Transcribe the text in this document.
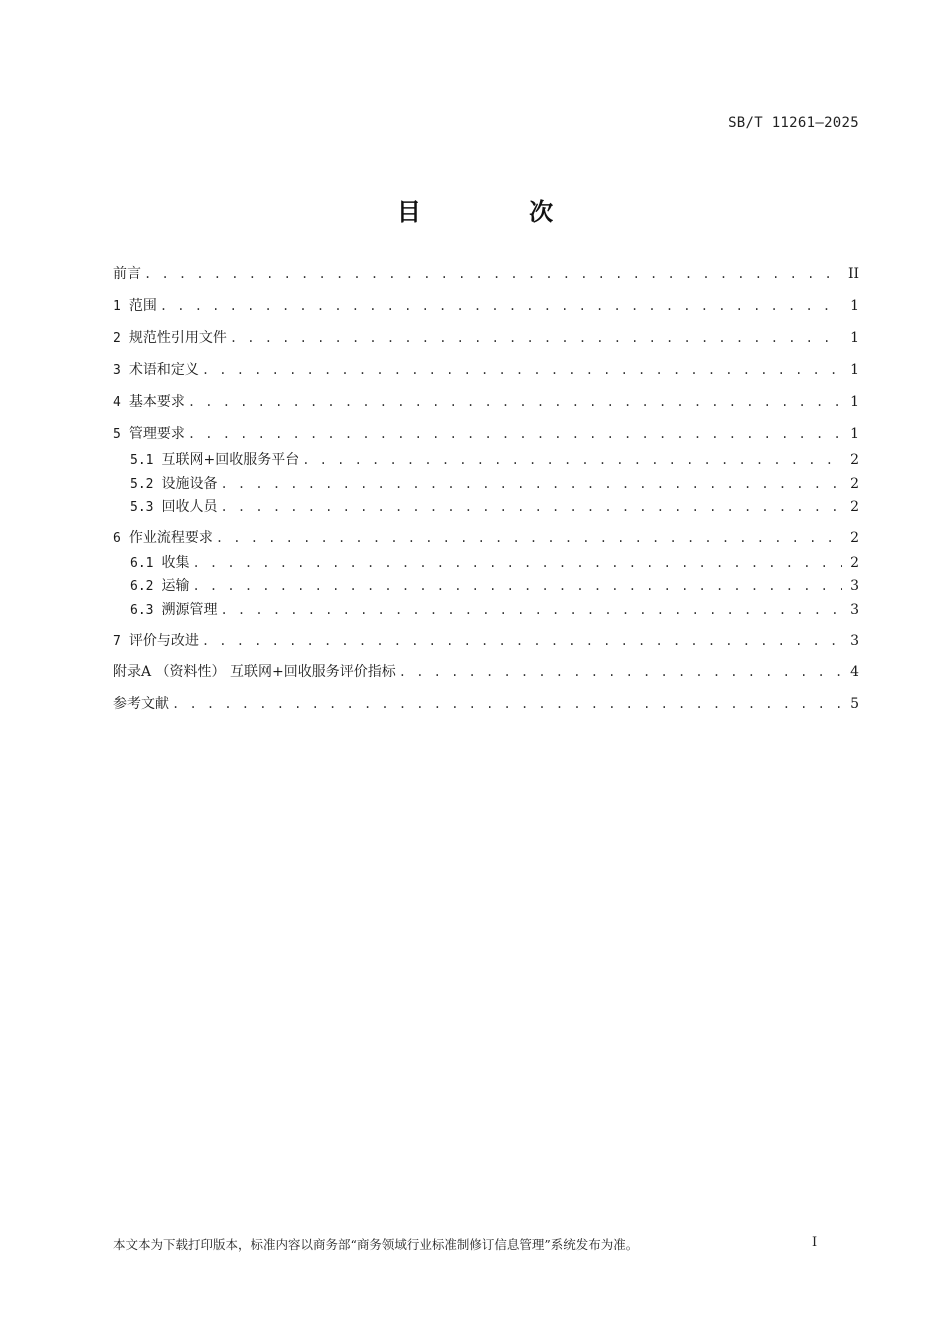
SB/T 11261—2025
目 次
前言 . . .	II
1 范围 . . .	1
2 规范性引用文件 . . .	1
3 术语和定义 . . .	1
4 基本要求 . . .	1
5 管理要求 . . .	1
5.1 互联网+回收服务平台 . . .	2
5.2 设施设备 . . .	2
5.3 回收人员 . . .	2
6 作业流程要求 . . .	2
6.1 收集 . . .	2
6.2 运输 . . .	3
6.3 溯源管理 . . .	3
7 评价与改进 . . .	3
附录A （资料性） 互联网+回收服务评价指标 . . .	4
参考文献 . . .	5
本文本为下载打印版本，标准内容以商务部“商务领域行业标准制修订信息管理”系统发布为准。	I
